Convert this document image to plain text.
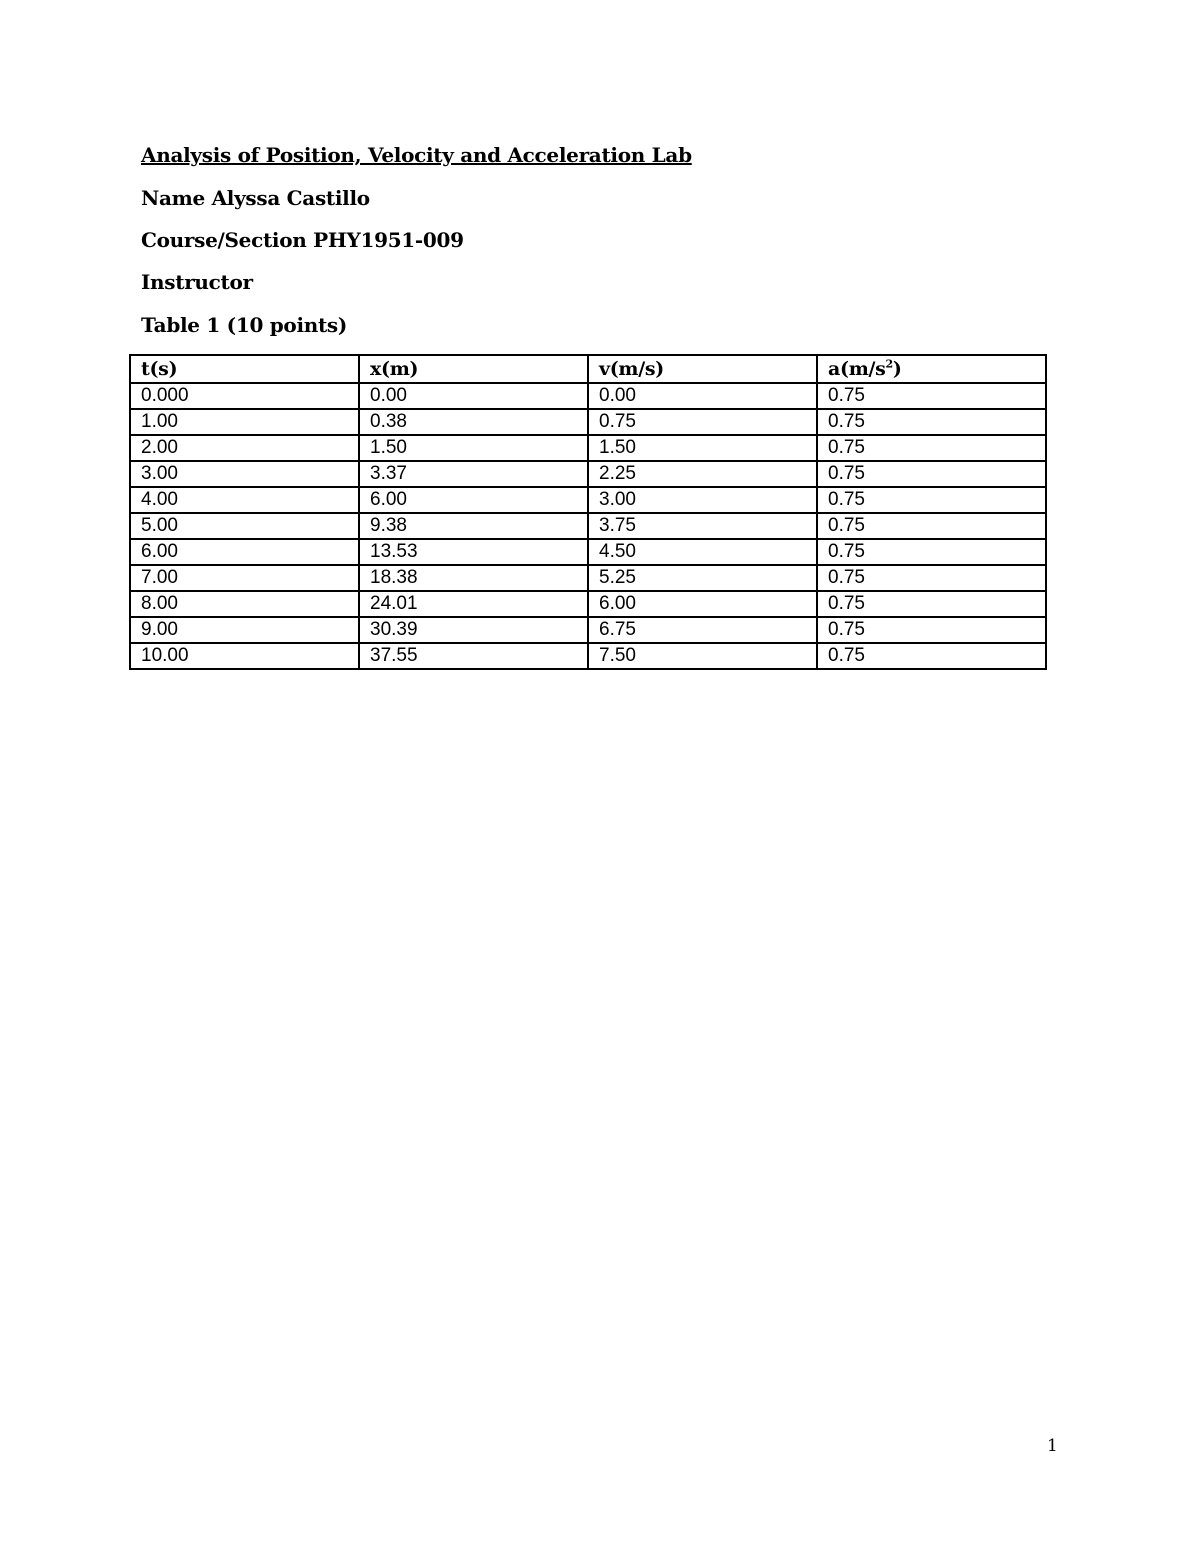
Analysis of Position, Velocity and Acceleration Lab
Name Alyssa Castillo
Course/Section PHY1951-009
Instructor
Table 1 (10 points)
t(s)	x(m)	v(m/s)	$a(m/s^2)$
0.000	0.00	0.00	0.75
1.00	0.38	0.75	0.75
2.00	1.50	1.50	0.75
3.00	3.37	2.25	0.75
4.00	6.00	3.00	0.75
5.00	9.38	3.75	0.75
6.00	13.53	4.50	0.75
7.00	18.38	5.25	0.75
8.00	24.01	6.00	0.75
9.00	30.39	6.75	0.75
10.00	37.55	7.50	0.75
1
